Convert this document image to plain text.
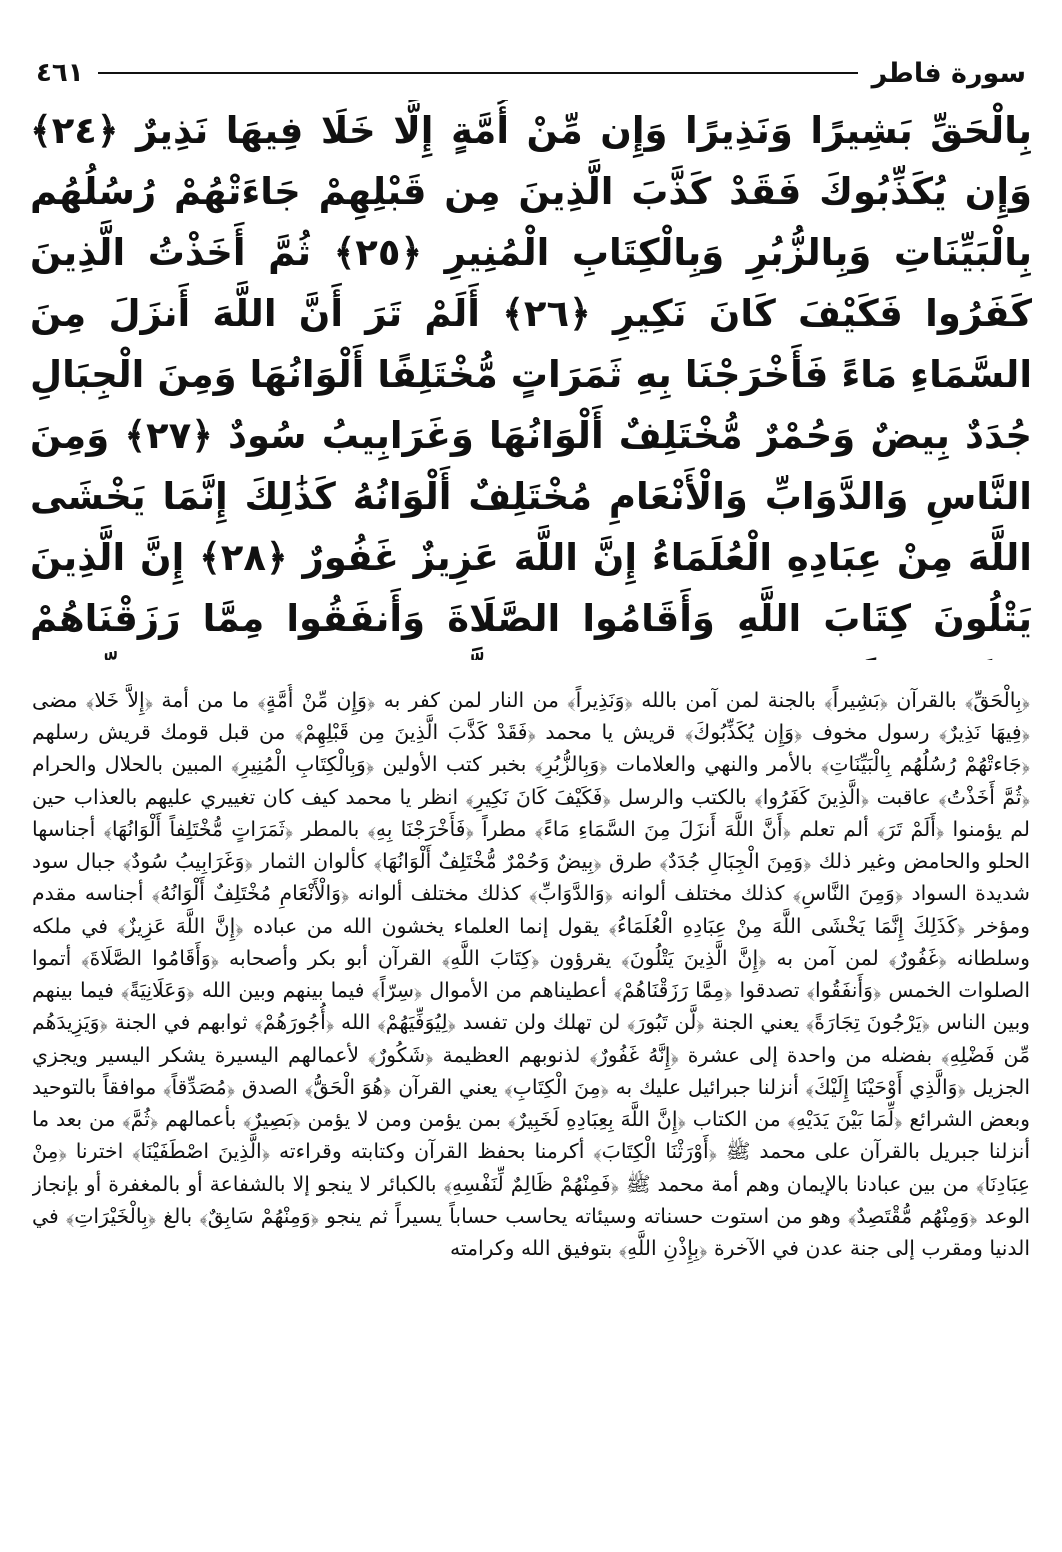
سورة فاطر
٤٦١

بِالْحَقِّ بَشِيرًا وَنَذِيرًا وَإِن مِّنْ أُمَّةٍ إِلَّا خَلَا فِيهَا نَذِيرٌ ﴿٢٤﴾ وَإِن يُكَذِّبُوكَ فَقَدْ كَذَّبَ الَّذِينَ مِن قَبْلِهِمْ جَاءَتْهُمْ رُسُلُهُم بِالْبَيِّنَاتِ وَبِالزُّبُرِ وَبِالْكِتَابِ الْمُنِيرِ ﴿٢٥﴾ ثُمَّ أَخَذْتُ الَّذِينَ كَفَرُوا فَكَيْفَ كَانَ نَكِيرِ ﴿٢٦﴾ أَلَمْ تَرَ أَنَّ اللَّهَ أَنزَلَ مِنَ السَّمَاءِ مَاءً فَأَخْرَجْنَا بِهِ ثَمَرَاتٍ مُّخْتَلِفًا أَلْوَانُهَا وَمِنَ الْجِبَالِ جُدَدٌ بِيضٌ وَحُمْرٌ مُّخْتَلِفٌ أَلْوَانُهَا وَغَرَابِيبُ سُودٌ ﴿٢٧﴾ وَمِنَ النَّاسِ وَالدَّوَابِّ وَالْأَنْعَامِ مُخْتَلِفٌ أَلْوَانُهُ كَذَٰلِكَ إِنَّمَا يَخْشَى اللَّهَ مِنْ عِبَادِهِ الْعُلَمَاءُ إِنَّ اللَّهَ عَزِيزٌ غَفُورٌ ﴿٢٨﴾ إِنَّ الَّذِينَ يَتْلُونَ كِتَابَ اللَّهِ وَأَقَامُوا الصَّلَاةَ وَأَنفَقُوا مِمَّا رَزَقْنَاهُمْ

﴿بِالْحَقِّ﴾ بالقرآن ﴿بَشِيراً﴾ بالجنة لمن آمن بالله ﴿وَنَذِيراً﴾ من النار لمن كفر به ﴿وَإِن مِّنْ أُمَّةٍ﴾ ما من أمة ﴿إِلاَّ خَلا﴾ مضى ﴿فِيهَا نَذِيرٌ﴾ رسول مخوف ﴿وَإِن يُكَذِّبُوكَ﴾ قريش يا محمد ﴿فَقَدْ كَذَّبَ الَّذِينَ مِن قَبْلِهِمْ﴾ من قبل قومك قريش رسلهم ﴿جَاءتْهُمْ رُسُلُهُم بِالْبَيِّنَاتِ﴾ بالأمر والنهي والعلامات ﴿وَبِالزُّبُرِ﴾ بخبر كتب الأولين ﴿وَبِالْكِتَابِ الْمُنِيرِ﴾ المبين بالحلال والحرام ﴿ثُمَّ أَخَذْتُ﴾ عاقبت ﴿الَّذِينَ كَفَرُوا﴾ بالكتب والرسل ﴿فَكَيْفَ كَانَ نَكِيرِ﴾ انظر يا محمد كيف كان تغييري عليهم بالعذاب حين لم يؤمنوا ﴿أَلَمْ تَرَ﴾ ألم تعلم ﴿أَنَّ اللَّهَ أَنزَلَ مِنَ السَّمَاءِ مَاءً﴾ مطراً ﴿فَأَخْرَجْنَا بِهِ﴾ بالمطر ﴿ثَمَرَاتٍ مُّخْتَلِفاً أَلْوَانُهَا﴾ أجناسها الحلو والحامض وغير ذلك ﴿وَمِنَ الْجِبَالِ جُدَدٌ﴾ طرق ﴿بِيضٌ وَحُمْرٌ مُّخْتَلِفٌ أَلْوَانُهَا﴾ كألوان الثمار ﴿وَغَرَابِيبُ سُودٌ﴾ جبال سود شديدة السواد ﴿وَمِنَ النَّاسِ﴾ كذلك مختلف ألوانه ﴿وَالدَّوَابِّ﴾ كذلك مختلف ألوانه ﴿وَالْأَنْعَامِ مُخْتَلِفٌ أَلْوَانُهُ﴾ أجناسه مقدم ومؤخر ﴿كَذَلِكَ إِنَّمَا يَخْشَى اللَّهَ مِنْ عِبَادِهِ الْعُلَمَاءُ﴾ يقول إنما العلماء يخشون الله من عباده ﴿إِنَّ اللَّهَ عَزِيزٌ﴾ في ملكه وسلطانه ﴿غَفُورٌ﴾ لمن آمن به ﴿إِنَّ الَّذِينَ يَتْلُونَ﴾ يقرؤون ﴿كِتَابَ اللَّهِ﴾ القرآن أبو بكر وأصحابه ﴿وَأَقَامُوا الصَّلَاةَ﴾ أتموا الصلوات الخمس ﴿وَأَنفَقُوا﴾ تصدقوا ﴿مِمَّا رَزَقْنَاهُمْ﴾ أعطيناهم من الأموال ﴿سِرّاً﴾ فيما بينهم وبين الله ﴿وَعَلَانِيَةً﴾ فيما بينهم وبين الناس ﴿يَرْجُونَ تِجَارَةً﴾ يعني الجنة ﴿لَّن تَبُورَ﴾ لن تهلك ولن تفسد ﴿لِيُوَفِّيَهُمْ﴾ الله ﴿أُجُورَهُمْ﴾ ثوابهم في الجنة ﴿وَيَزِيدَهُم مِّن فَضْلِهِ﴾ بفضله من واحدة إلى عشرة ﴿إِنَّهُ غَفُورٌ﴾ لذنوبهم العظيمة ﴿شَكُورٌ﴾ لأعمالهم اليسيرة يشكر اليسير ويجزي الجزيل ﴿وَالَّذِي أَوْحَيْنَا إِلَيْكَ﴾ أنزلنا جبرائيل عليك به ﴿مِنَ الْكِتَابِ﴾ يعني القرآن ﴿هُوَ الْحَقُّ﴾ الصدق ﴿مُصَدِّقاً﴾ موافقاً بالتوحيد وبعض الشرائع ﴿لِّمَا بَيْنَ يَدَيْهِ﴾ من الكتاب ﴿إِنَّ اللَّهَ بِعِبَادِهِ لَخَبِيرٌ﴾ بمن يؤمن ومن لا يؤمن ﴿بَصِيرٌ﴾ بأعمالهم ﴿ثُمَّ﴾ من بعد ما أنزلنا جبريل بالقرآن على محمد ﷺ ﴿أَوْرَثْنَا الْكِتَابَ﴾ أكرمنا بحفظ القرآن وكتابته وقراءته ﴿الَّذِينَ اصْطَفَيْنَا﴾ اخترنا ﴿مِنْ عِبَادِنَا﴾ من بين عبادنا بالإيمان وهم أمة محمد ﷺ ﴿فَمِنْهُمْ ظَالِمٌ لِّنَفْسِهِ﴾ بالكبائر لا ينجو إلا بالشفاعة أو بالمغفرة أو بإنجاز الوعد ﴿وَمِنْهُم مُّقْتَصِدٌ﴾ وهو من استوت حسناته وسيئاته يحاسب حساباً يسيراً ثم ينجو ﴿وَمِنْهُمْ سَابِقٌ﴾ بالغ ﴿بِالْخَيْرَاتِ﴾ في الدنيا ومقرب إلى جنة عدن في الآخرة ﴿بِإِذْنِ اللَّهِ﴾ بتوفيق الله وكرامته
